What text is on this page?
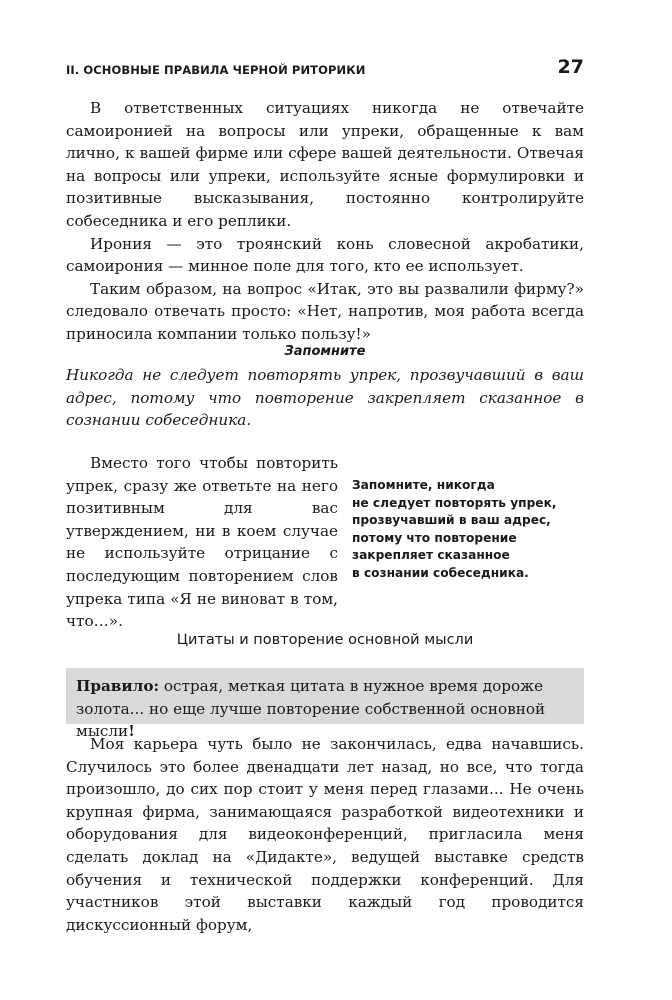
II. ОСНОВНЫЕ ПРАВИЛА ЧЕРНОЙ РИТОРИКИ	27

В ответственных ситуациях никогда не отвечайте самоиронией на вопросы или упреки, обращенные к вам лично, к вашей фирме или сфере вашей деятельности. Отвечая на вопросы или упреки, используйте ясные формулировки и позитивные высказывания, постоянно контролируйте собеседника и его реплики.

Ирония — это троянский конь словесной акробатики, самоирония — минное поле для того, кто ее использует.

Таким образом, на вопрос «Итак, это вы развалили фирму?» следовало отвечать просто: «Нет, напротив, моя работа всегда приносила компании только пользу!»

Запомните
Никогда не следует повторять упрек, прозвучавший в ваш адрес, потому что повторение закрепляет сказанное в сознании собеседника.

Вместо того чтобы повторить упрек, сразу же ответьте на него позитивным для вас утверждением, ни в коем случае не используйте отрицание с последующим повторением слов упрека типа «Я не виноват в том, что…».

Запомните, никогда
не следует повторять упрек,
прозвучавший в ваш адрес,
потому что повторение
закрепляет сказанное
в сознании собеседника.
Цитаты и повторение основной мысли
Правило: острая, меткая цитата в нужное время дороже золота... но еще лучше повторение собственной основной мысли!

Моя карьера чуть было не закончилась, едва начавшись. Случилось это более двенадцати лет назад, но все, что тогда произошло, до сих пор стоит у меня перед глазами... Не очень крупная фирма, занимающаяся разработкой видеотехники и оборудования для видеоконференций, пригласила меня сделать доклад на «Дидакте», ведущей выставке средств обучения и технической поддержки конференций. Для участников этой выставки каждый год проводится дискуссионный форум,
